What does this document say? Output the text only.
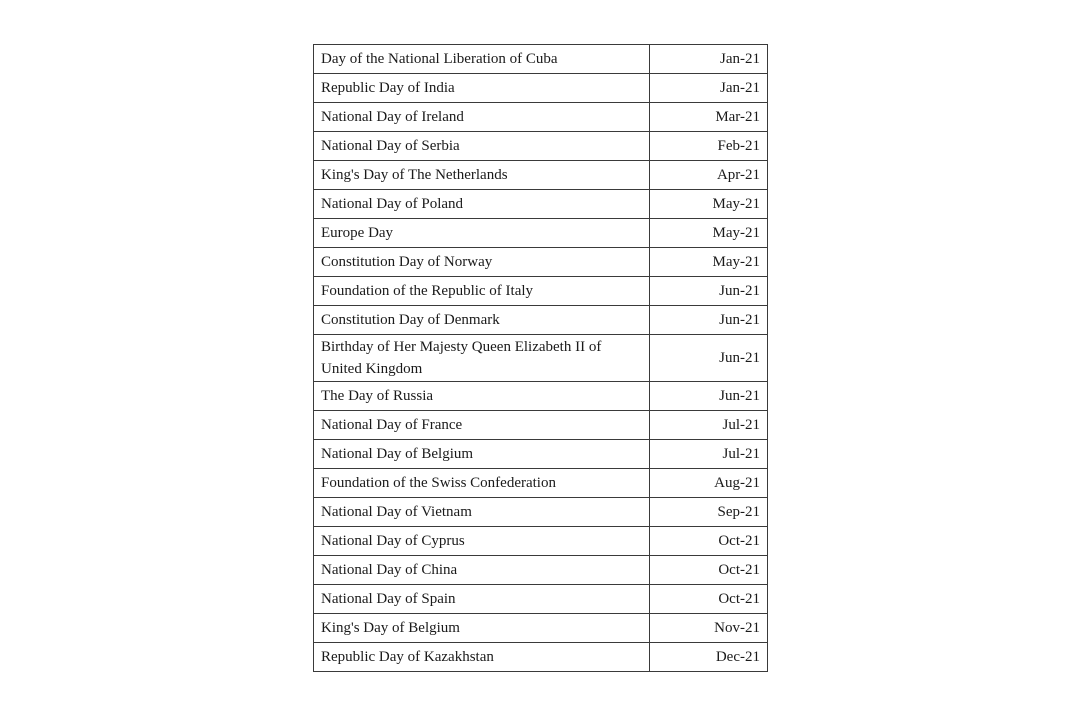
Day of the National Liberation of Cuba	Jan-21
Republic Day of India	Jan-21
National Day of Ireland	Mar-21
National Day of Serbia	Feb-21
King's Day of The Netherlands	Apr-21
National Day of Poland	May-21
Europe Day	May-21
Constitution Day of Norway	May-21
Foundation of the Republic of Italy	Jun-21
Constitution Day of Denmark	Jun-21
Birthday of Her Majesty Queen Elizabeth II of United Kingdom	Jun-21
The Day of Russia	Jun-21
National Day of France	Jul-21
National Day of Belgium	Jul-21
Foundation of the Swiss Confederation	Aug-21
National Day of Vietnam	Sep-21
National Day of Cyprus	Oct-21
National Day of China	Oct-21
National Day of Spain	Oct-21
King's Day of Belgium	Nov-21
Republic Day of Kazakhstan	Dec-21
